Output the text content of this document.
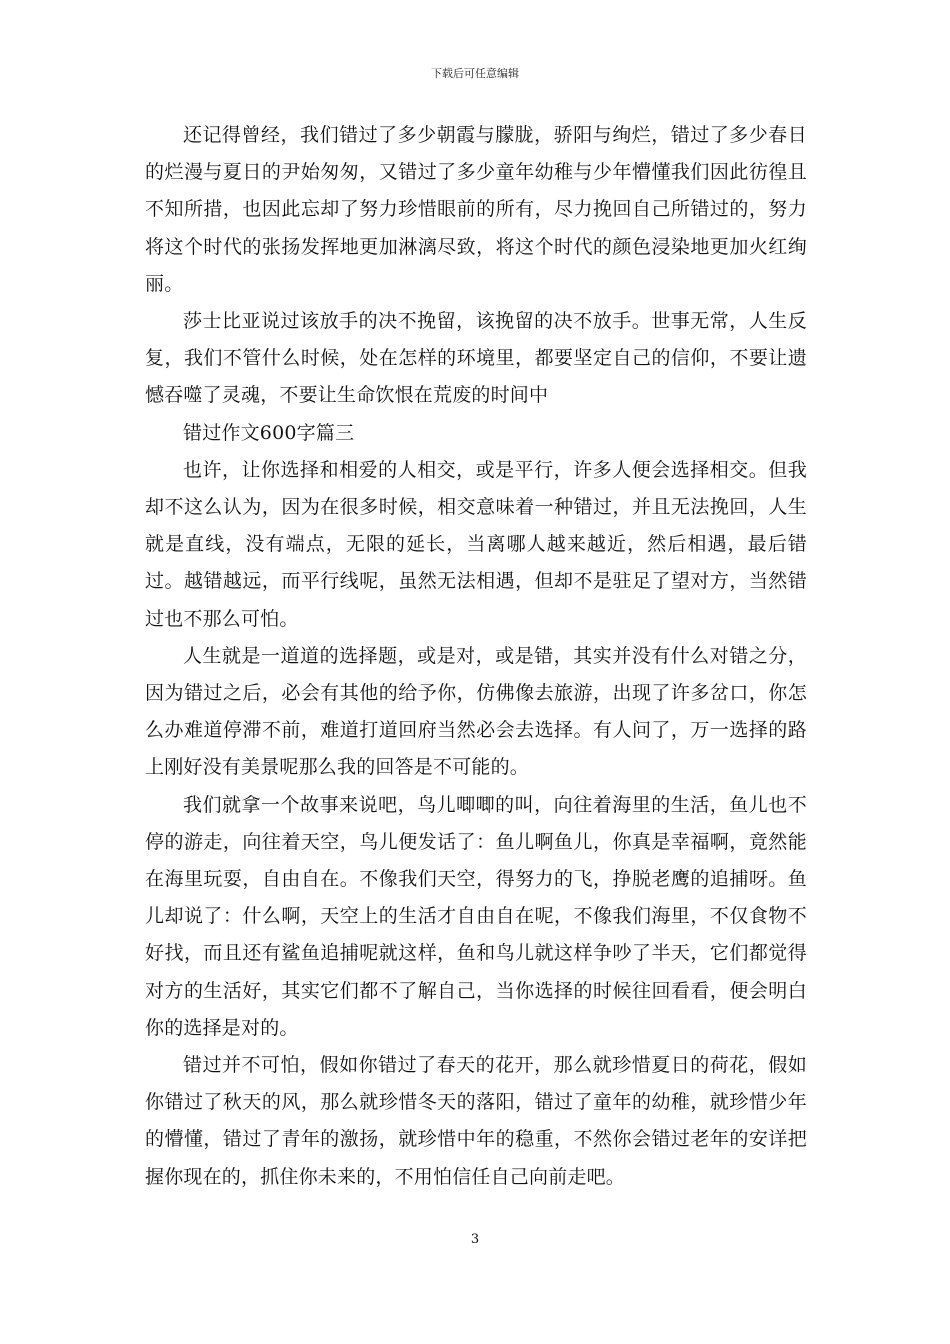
下载后可任意编辑

还记得曾经，我们错过了多少朝霞与朦胧，骄阳与绚烂，错过了多少春日的烂漫与夏日的尹始匆匆，又错过了多少童年幼稚与少年懵懂我们因此彷徨且不知所措，也因此忘却了努力珍惜眼前的所有，尽力挽回自己所错过的，努力将这个时代的张扬发挥地更加淋漓尽致，将这个时代的颜色浸染地更加火红绚丽。

莎士比亚说过该放手的决不挽留，该挽留的决不放手。世事无常，人生反复，我们不管什么时候，处在怎样的环境里，都要坚定自己的信仰，不要让遗憾吞噬了灵魂，不要让生命饮恨在荒废的时间中

错过作文600字篇三

也许，让你选择和相爱的人相交，或是平行，许多人便会选择相交。但我却不这么认为，因为在很多时候，相交意味着一种错过，并且无法挽回，人生就是直线，没有端点，无限的延长，当离哪人越来越近，然后相遇，最后错过。越错越远，而平行线呢，虽然无法相遇，但却不是驻足了望对方，当然错过也不那么可怕。

人生就是一道道的选择题，或是对，或是错，其实并没有什么对错之分，因为错过之后，必会有其他的给予你，仿佛像去旅游，出现了许多岔口，你怎么办难道停滞不前，难道打道回府当然必会去选择。有人问了，万一选择的路上刚好没有美景呢那么我的回答是不可能的。

我们就拿一个故事来说吧，鸟儿唧唧的叫，向往着海里的生活，鱼儿也不停的游走，向往着天空，鸟儿便发话了：鱼儿啊鱼儿，你真是幸福啊，竟然能在海里玩耍，自由自在。不像我们天空，得努力的飞，挣脱老鹰的追捕呀。鱼儿却说了：什么啊，天空上的生活才自由自在呢，不像我们海里，不仅食物不好找，而且还有鲨鱼追捕呢就这样，鱼和鸟儿就这样争吵了半天，它们都觉得对方的生活好，其实它们都不了解自己，当你选择的时候往回看看，便会明白你的选择是对的。

错过并不可怕，假如你错过了春天的花开，那么就珍惜夏日的荷花，假如你错过了秋天的风，那么就珍惜冬天的落阳，错过了童年的幼稚，就珍惜少年的懵懂，错过了青年的激扬，就珍惜中年的稳重，不然你会错过老年的安详把握你现在的，抓住你未来的，不用怕信任自己向前走吧。

3
